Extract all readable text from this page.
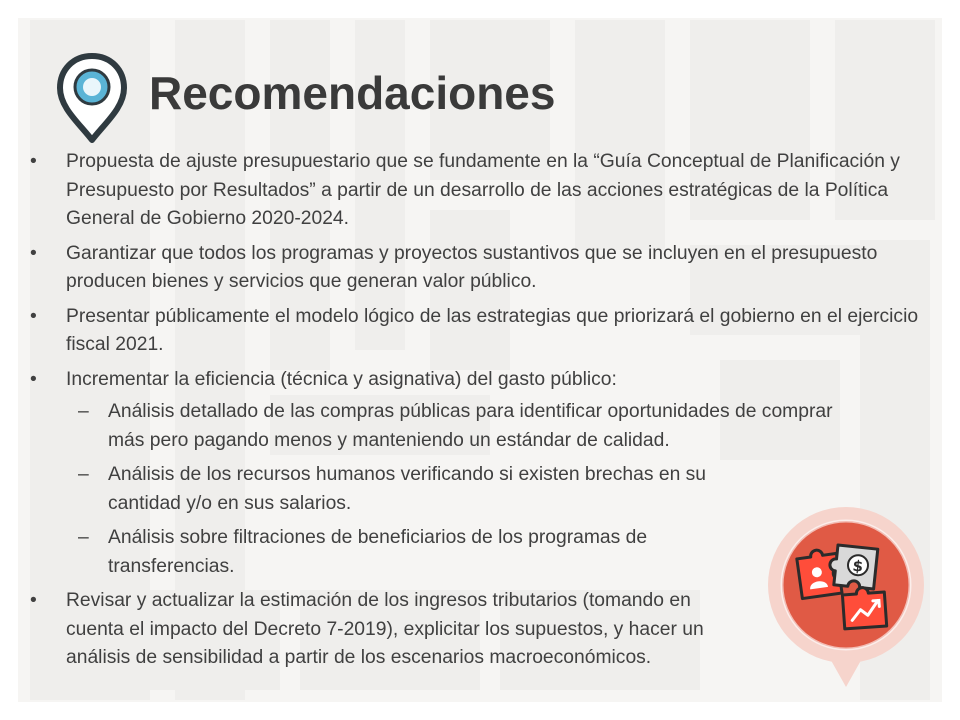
Recomendaciones
• Propuesta de ajuste presupuestario que se fundamente en la “Guía Conceptual de Planificación y Presupuesto por Resultados” a partir de un desarrollo de las acciones estratégicas de la Política General de Gobierno 2020-2024.
• Garantizar que todos los programas y proyectos sustantivos que se incluyen en el presupuesto producen bienes y servicios que generan valor público.
• Presentar públicamente el modelo lógico de las estrategias que priorizará el gobierno en el ejercicio fiscal 2021.
• Incrementar la eficiencia (técnica y asignativa) del gasto público:
– Análisis detallado de las compras públicas para identificar oportunidades de comprar más pero pagando menos y manteniendo un estándar de calidad.
– Análisis de los recursos humanos verificando si existen brechas en su cantidad y/o en sus salarios.
– Análisis sobre filtraciones de beneficiarios de los programas de transferencias.
• Revisar y actualizar la estimación de los ingresos tributarios (tomando en cuenta el impacto del Decreto 7-2019), explicitar los supuestos, y hacer un análisis de sensibilidad a partir de los escenarios macroeconómicos.
$
